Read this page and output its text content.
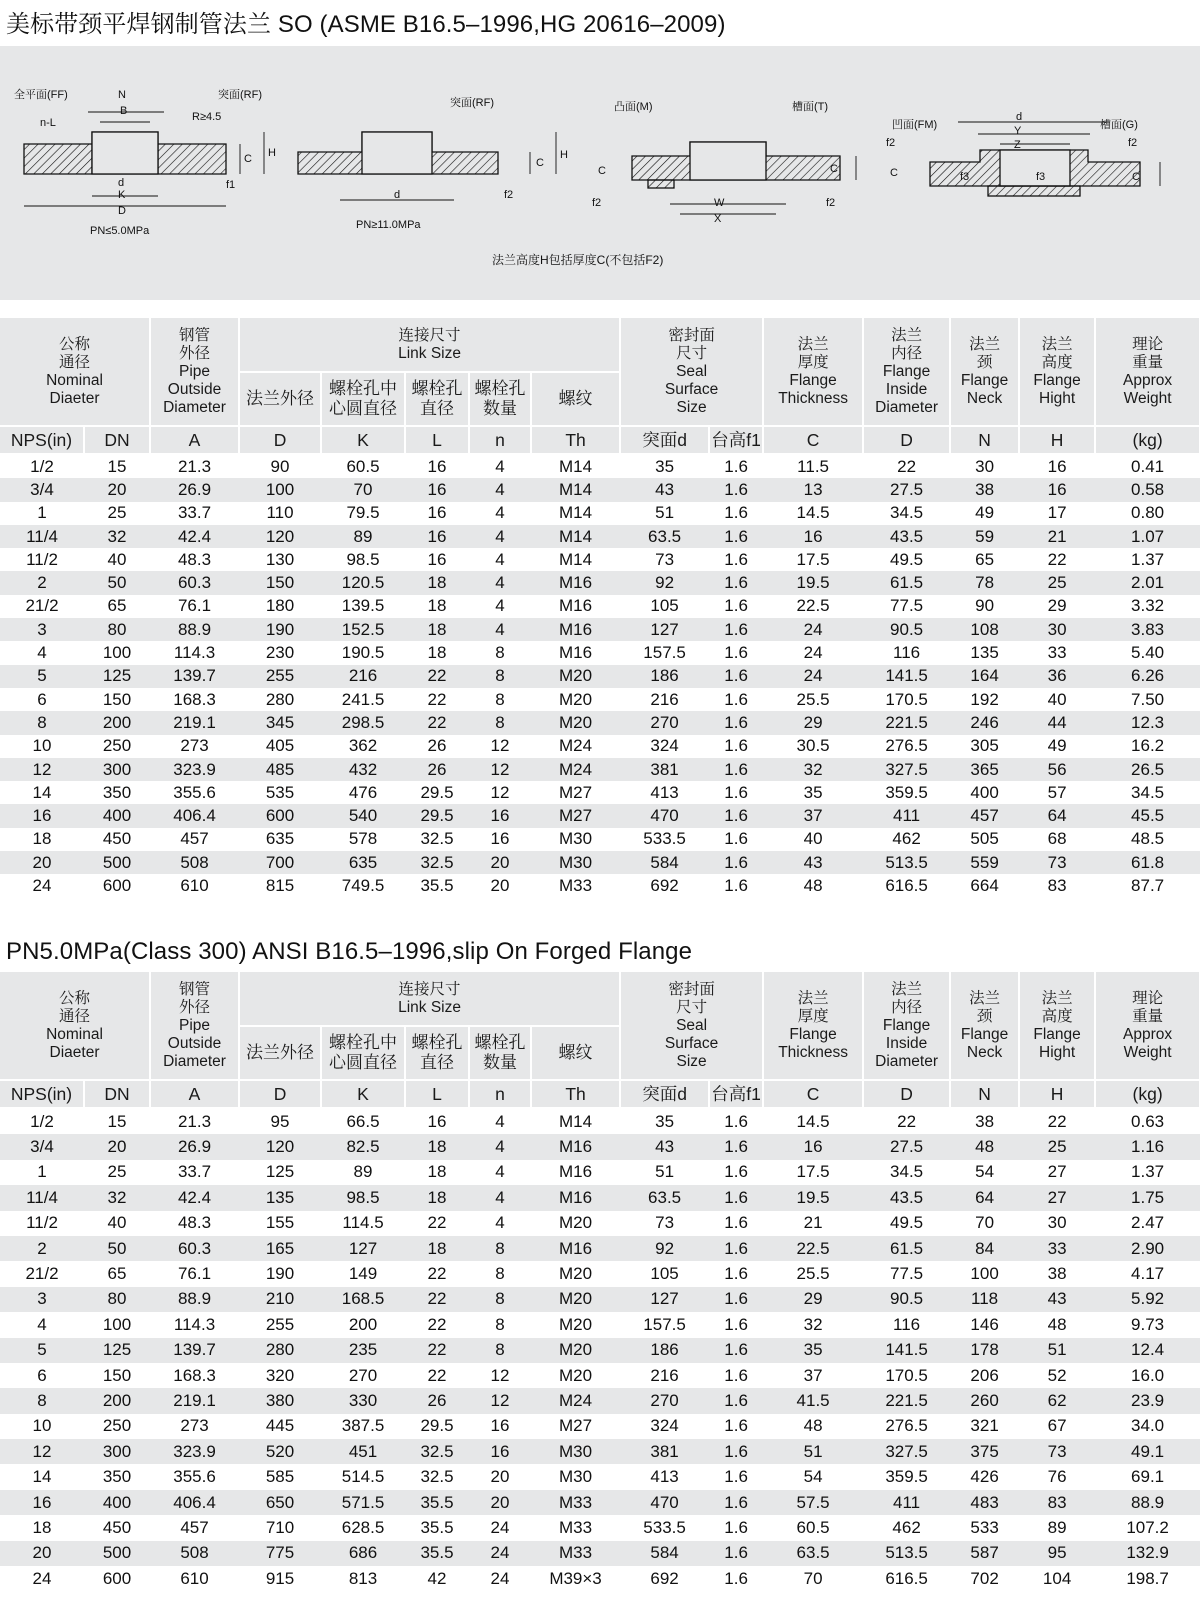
美标带颈平焊钢制管法兰 SO (ASME B16.5–1996,HG 20616–2009)
全平面(FF)	突面(RF)
N
B
n-L	R≥4.5
d
K
D
C H
f1
PN≤5.0MPa
突面(RF)
d
C
H
f2
PN≥11.0MPa
凸面(M)	槽面(T)
W
X
C
f2
C
f2
凹面(FM)	槽面(G)
d
Y
Z
C
f2
f3	f3
f2
C
法兰高度H包括厚度C(不包括F2)
公称
通径
Nominal
Diaeter		钢管
外径
Pipe
Outside
Diameter	连接尺寸
Link Size					密封面
尺寸
Seal
Surface
Size		法兰
厚度
Flange
Thickness	法兰
内径
Flange
Inside
Diameter	法兰
颈
Flange
Neck	法兰
高度
Flange
Hight	理论
重量
Approx
Weight

			法兰外径	螺栓孔中
心圆直径	螺栓孔
直径	螺栓孔
数量	螺纹							
NPS(in)	DN	A	D	K	L	n	Th	突面d	台高f1	C	D	N	H	(kg)
1/2	15	21.3	90	60.5	16	4	M14	35	1.6	11.5	22	30	16	0.41
3/4	20	26.9	100	70	16	4	M14	43	1.6	13	27.5	38	16	0.58
1	25	33.7	110	79.5	16	4	M14	51	1.6	14.5	34.5	49	17	0.80
11/4	32	42.4	120	89	16	4	M14	63.5	1.6	16	43.5	59	21	1.07
11/2	40	48.3	130	98.5	16	4	M14	73	1.6	17.5	49.5	65	22	1.37
2	50	60.3	150	120.5	18	4	M16	92	1.6	19.5	61.5	78	25	2.01
21/2	65	76.1	180	139.5	18	4	M16	105	1.6	22.5	77.5	90	29	3.32
3	80	88.9	190	152.5	18	4	M16	127	1.6	24	90.5	108	30	3.83
4	100	114.3	230	190.5	18	8	M16	157.5	1.6	24	116	135	33	5.40
5	125	139.7	255	216	22	8	M20	186	1.6	24	141.5	164	36	6.26
6	150	168.3	280	241.5	22	8	M20	216	1.6	25.5	170.5	192	40	7.50
8	200	219.1	345	298.5	22	8	M20	270	1.6	29	221.5	246	44	12.3
10	250	273	405	362	26	12	M24	324	1.6	30.5	276.5	305	49	16.2
12	300	323.9	485	432	26	12	M24	381	1.6	32	327.5	365	56	26.5
14	350	355.6	535	476	29.5	12	M27	413	1.6	35	359.5	400	57	34.5
16	400	406.4	600	540	29.5	16	M27	470	1.6	37	411	457	64	45.5
18	450	457	635	578	32.5	16	M30	533.5	1.6	40	462	505	68	48.5
20	500	508	700	635	32.5	20	M30	584	1.6	43	513.5	559	73	61.8
24	600	610	815	749.5	35.5	20	M33	692	1.6	48	616.5	664	83	87.7
PN5.0MPa(Class 300) ANSI B16.5–1996,slip On Forged Flange
公称
通径
Nominal
Diaeter		钢管
外径
Pipe
Outside
Diameter	连接尺寸
Link Size					密封面
尺寸
Seal
Surface
Size		法兰
厚度
Flange
Thickness	法兰
内径
Flange
Inside
Diameter	法兰
颈
Flange
Neck	法兰
高度
Flange
Hight	理论
重量
Approx
Weight

			法兰外径	螺栓孔中
心圆直径	螺栓孔
直径	螺栓孔
数量	螺纹							
NPS(in)	DN	A	D	K	L	n	Th	突面d	台高f1	C	D	N	H	(kg)
1/2	15	21.3	95	66.5	16	4	M14	35	1.6	14.5	22	38	22	0.63
3/4	20	26.9	120	82.5	18	4	M16	43	1.6	16	27.5	48	25	1.16
1	25	33.7	125	89	18	4	M16	51	1.6	17.5	34.5	54	27	1.37
11/4	32	42.4	135	98.5	18	4	M16	63.5	1.6	19.5	43.5	64	27	1.75
11/2	40	48.3	155	114.5	22	4	M20	73	1.6	21	49.5	70	30	2.47
2	50	60.3	165	127	18	8	M16	92	1.6	22.5	61.5	84	33	2.90
21/2	65	76.1	190	149	22	8	M20	105	1.6	25.5	77.5	100	38	4.17
3	80	88.9	210	168.5	22	8	M20	127	1.6	29	90.5	118	43	5.92
4	100	114.3	255	200	22	8	M20	157.5	1.6	32	116	146	48	9.73
5	125	139.7	280	235	22	8	M20	186	1.6	35	141.5	178	51	12.4
6	150	168.3	320	270	22	12	M20	216	1.6	37	170.5	206	52	16.0
8	200	219.1	380	330	26	12	M24	270	1.6	41.5	221.5	260	62	23.9
10	250	273	445	387.5	29.5	16	M27	324	1.6	48	276.5	321	67	34.0
12	300	323.9	520	451	32.5	16	M30	381	1.6	51	327.5	375	73	49.1
14	350	355.6	585	514.5	32.5	20	M30	413	1.6	54	359.5	426	76	69.1
16	400	406.4	650	571.5	35.5	20	M33	470	1.6	57.5	411	483	83	88.9
18	450	457	710	628.5	35.5	24	M33	533.5	1.6	60.5	462	533	89	107.2
20	500	508	775	686	35.5	24	M33	584	1.6	63.5	513.5	587	95	132.9
24	600	610	915	813	42	24	M39×3	692	1.6	70	616.5	702	104	198.7
